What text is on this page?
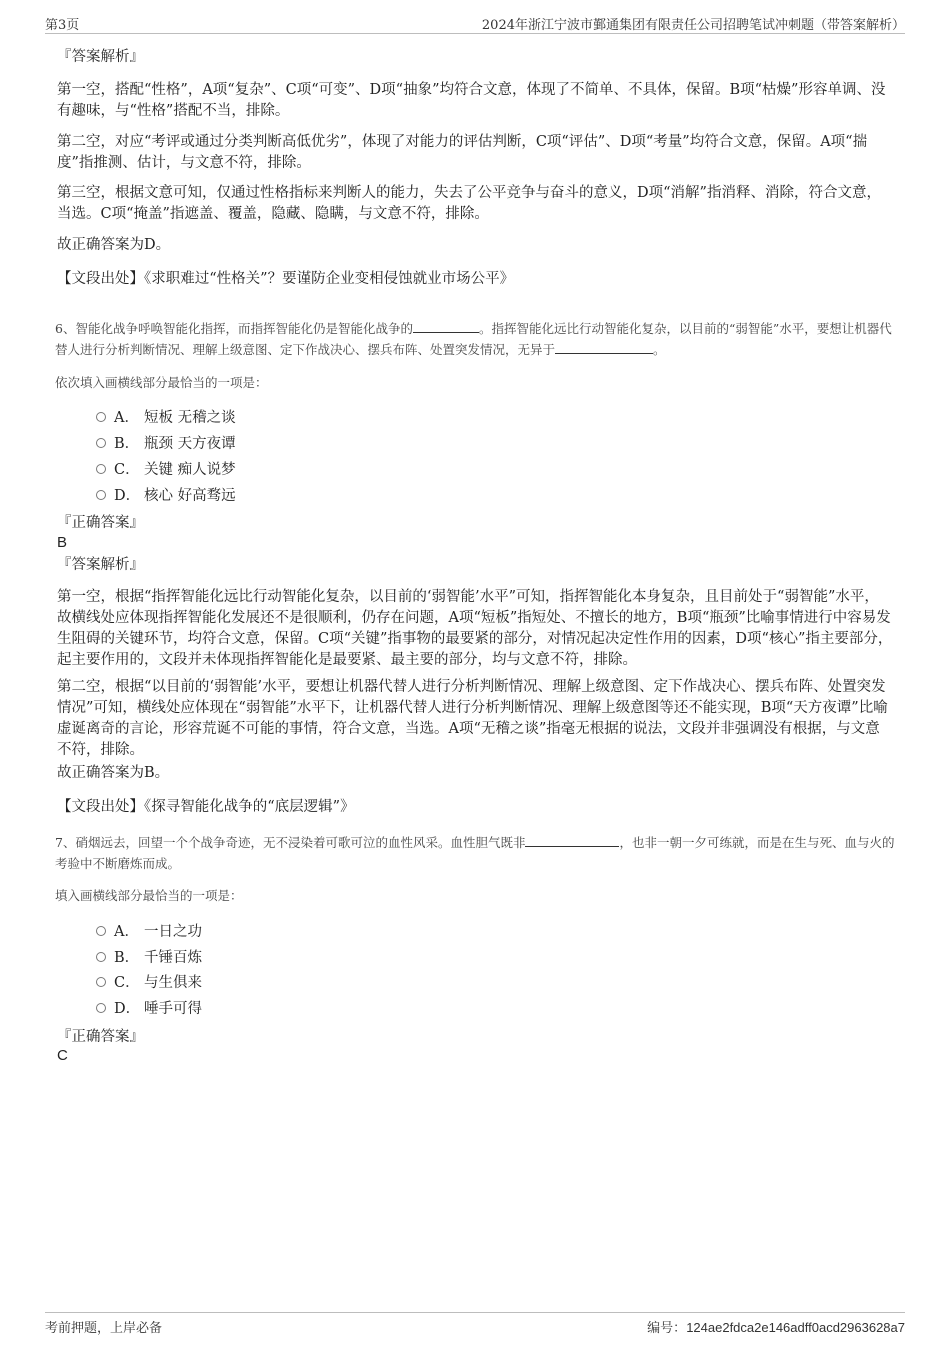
第3页	2024年浙江宁波市鄞通集团有限责任公司招聘笔试冲刺题（带答案解析）
『答案解析』
第一空，搭配“性格”，A项“复杂”、C项“可变”、D项“抽象”均符合文意，体现了不简单、不具体，保留。B项“枯燥”形容单调、没有趣味，与“性格”搭配不当，排除。
第二空，对应“考评或通过分类判断高低优劣”，体现了对能力的评估判断，C项“评估”、D项“考量”均符合文意，保留。A项“揣度”指推测、估计，与文意不符，排除。
第三空，根据文意可知，仅通过性格指标来判断人的能力，失去了公平竞争与奋斗的意义，D项“消解”指消释、消除，符合文意，当选。C项“掩盖”指遮盖、覆盖，隐藏、隐瞒，与文意不符，排除。
故正确答案为D。
【文段出处】《求职难过“性格关”？要谨防企业变相侵蚀就业市场公平》
6、智能化战争呼唤智能化指挥，而指挥智能化仍是智能化战争的	。指挥智能化远比行动智能化复杂，以目前的“弱智能”水平，要想让机器代替人进行分析判断情况、理解上级意图、定下作战决心、摆兵布阵、处置突发情况，无异于	。
依次填入画横线部分最恰当的一项是：
A． 短板 无稽之谈
B． 瓶颈 天方夜谭
C． 关键 痴人说梦
D． 核心 好高骛远
『正确答案』
B
『答案解析』
第一空，根据“指挥智能化远比行动智能化复杂，以目前的‘弱智能’水平”可知，指挥智能化本身复杂，且目前处于“弱智能”水平，故横线处应体现指挥智能化发展还不是很顺利，仍存在问题，A项“短板”指短处、不擅长的地方，B项“瓶颈”比喻事情进行中容易发生阻碍的关键环节，均符合文意，保留。C项“关键”指事物的最要紧的部分，对情况起决定性作用的因素，D项“核心”指主要部分，起主要作用的，文段并未体现指挥智能化是最要紧、最主要的部分，均与文意不符，排除。
第二空，根据“以目前的‘弱智能’水平，要想让机器代替人进行分析判断情况、理解上级意图、定下作战决心、摆兵布阵、处置突发情况”可知，横线处应体现在“弱智能”水平下，让机器代替人进行分析判断情况、理解上级意图等还不能实现，B项“天方夜谭”比喻虚诞离奇的言论，形容荒诞不可能的事情，符合文意，当选。A项“无稽之谈”指毫无根据的说法，文段并非强调没有根据，与文意不符，排除。
故正确答案为B。
【文段出处】《探寻智能化战争的“底层逻辑”》
7、硝烟远去，回望一个个战争奇迹，无不浸染着可歌可泣的血性风采。血性胆气既非	，也非一朝一夕可练就，而是在生与死、血与火的考验中不断磨炼而成。
填入画横线部分最恰当的一项是：
A． 一日之功
B． 千锤百炼
C． 与生俱来
D． 唾手可得
『正确答案』
C
考前押题，上岸必备	编号：124ae2fdca2e146adff0acd2963628a7
